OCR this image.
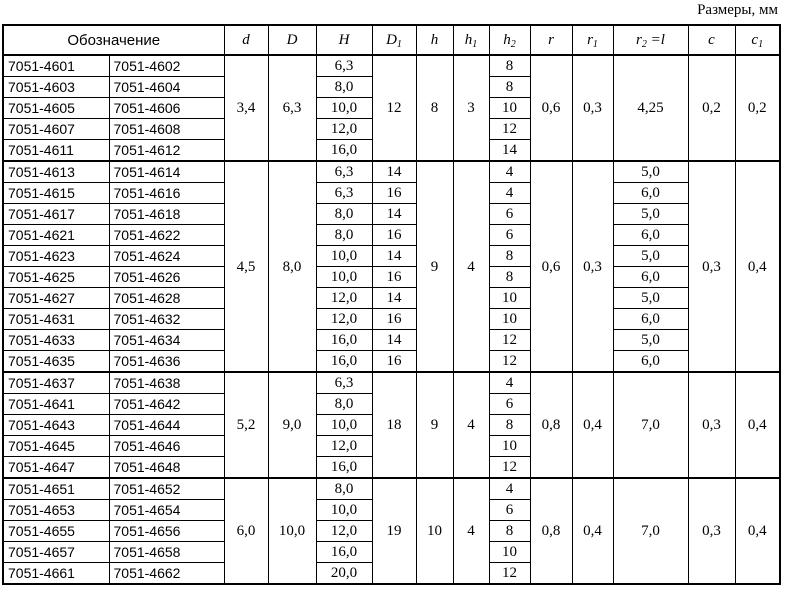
Размеры, мм
Обозначение		d	D	H	$D_1$	h	$h_1$	$h_2$	r	$r_1$	$r_2 =l$	c	$c_1$
7051-4601	7051-4602	3,4	6,3	6,3	12	8	3	8	0,6	0,3	4,25	0,2	0,2
7051-4603	7051-4604			8,0				8					
7051-4605	7051-4606			10,0				10					
7051-4607	7051-4608			12,0				12					
7051-4611	7051-4612			16,0				14					
7051-4613	7051-4614	4,5	8,0	6,3	14	9	4	4	0,6	0,3	5,0	0,3	0,4
7051-4615	7051-4616			6,3	16			4			6,0		
7051-4617	7051-4618			8,0	14			6			5,0		
7051-4621	7051-4622			8,0	16			6			6,0		
7051-4623	7051-4624			10,0	14			8			5,0		
7051-4625	7051-4626			10,0	16			8			6,0		
7051-4627	7051-4628			12,0	14			10			5,0		
7051-4631	7051-4632			12,0	16			10			6,0		
7051-4633	7051-4634			16,0	14			12			5,0		
7051-4635	7051-4636			16,0	16			12			6,0		
7051-4637	7051-4638	5,2	9,0	6,3	18	9	4	4	0,8	0,4	7,0	0,3	0,4
7051-4641	7051-4642			8,0				6					
7051-4643	7051-4644			10,0				8					
7051-4645	7051-4646			12,0				10					
7051-4647	7051-4648			16,0				12					
7051-4651	7051-4652	6,0	10,0	8,0	19	10	4	4	0,8	0,4	7,0	0,3	0,4
7051-4653	7051-4654			10,0				6					
7051-4655	7051-4656			12,0				8					
7051-4657	7051-4658			16,0				10					
7051-4661	7051-4662			20,0				12					
